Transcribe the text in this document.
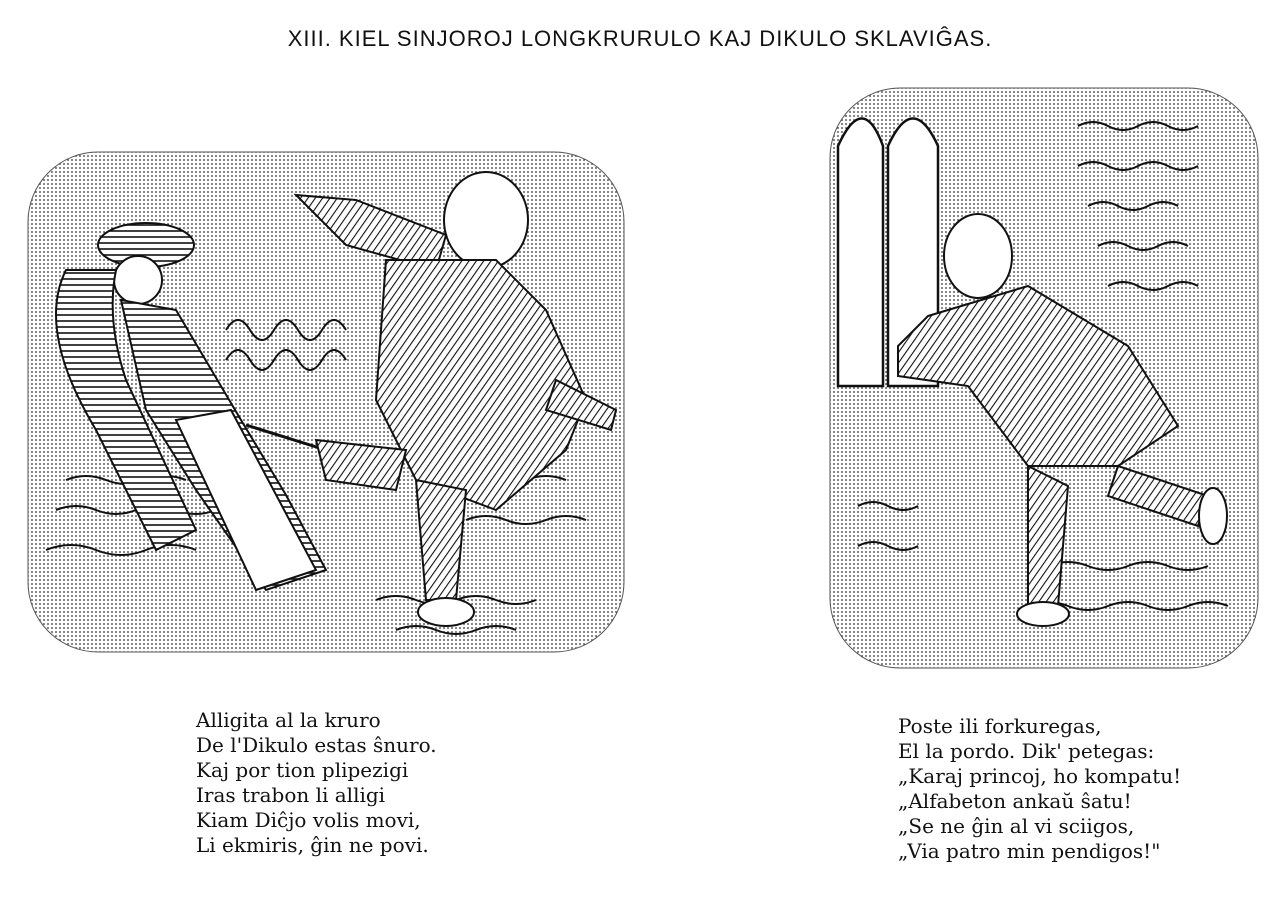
XIII. KIEL SINJOROJ LONGKRURULO KAJ DIKULO SKLAVIĜAS.
Alligita al la kruro
De l'Dikulo estas ŝnuro.
Kaj por tion plipezigi
Iras trabon li alligi
Kiam Diĉjo volis movi,
Li ekmiris, ĝin ne povi.
Poste ili forkuregas,
El la pordo. Dik' petegas:
„Karaj princoj, ho kompatu!
„Alfabeton ankaŭ ŝatu!
„Se ne ĝin al vi sciigos,
„Via patro min pendigos!"
